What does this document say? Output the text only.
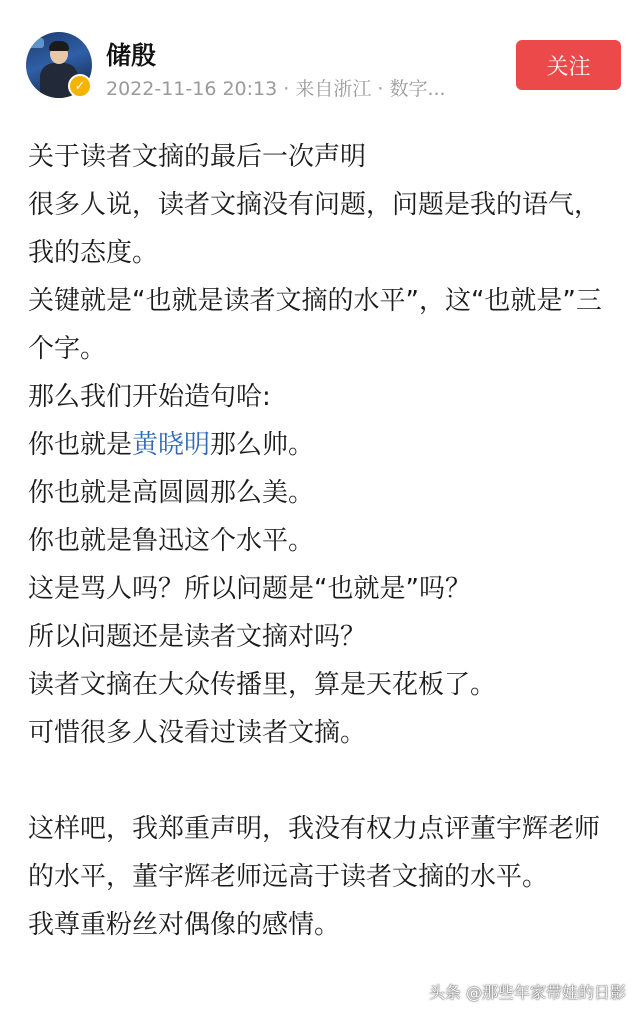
✓
储殷
2022-11-16 20:13 · 来自浙江 · 数字...
关注

关于读者文摘的最后一次声明

很多人说，读者文摘没有问题，问题是我的语气，我的态度。

关键就是“也就是读者文摘的水平”，这“也就是”三个字。

那么我们开始造句哈:

你也就是黄晓明那么帅。

你也就是高圆圆那么美。

你也就是鲁迅这个水平。

这是骂人吗？所以问题是“也就是”吗？

所以问题还是读者文摘对吗？

读者文摘在大众传播里，算是天花板了。

可惜很多人没看过读者文摘。

这样吧，我郑重声明，我没有权力点评董宇辉老师的水平，董宇辉老师远高于读者文摘的水平。

我尊重粉丝对偶像的感情。

头条 @那些年家带娃的日影
